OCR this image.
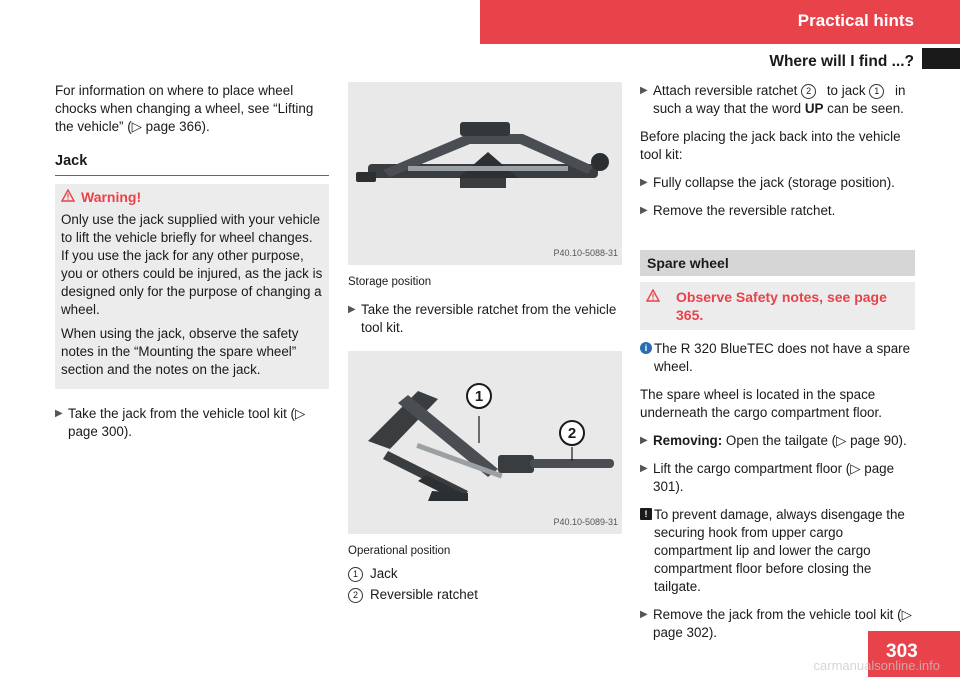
Practical hints
Where will I find ...?

For information on where to place wheel chocks when changing a wheel, see “Lifting the vehicle” (▷ page 366).

Jack
Warning!

Only use the jack supplied with your vehicle to lift the vehicle briefly for wheel changes. If you use the jack for any other purpose, you or others could be injured, as the jack is designed only for the purpose of changing a wheel.

When using the jack, observe the safety notes in the “Mounting the spare wheel” section and the notes on the jack.

▶ Take the jack from the vehicle tool kit (▷ page 300).
P40.10-5088-31
Storage position
▶ Take the reversible ratchet from the vehicle tool kit.
1
2
P40.10-5089-31
Operational position
1 Jack
2 Reversible ratchet
▶ Attach reversible ratchet 2 to jack 1 in such a way that the word UP can be seen.

Before placing the jack back into the vehicle tool kit:

▶ Fully collapse the jack (storage position).
▶ Remove the reversible ratchet.
Spare wheel
Observe Safety notes, see page 365.
i The R 320 BlueTEC does not have a spare wheel.

The spare wheel is located in the space underneath the cargo compartment floor.

▶ Removing: Open the tailgate (▷ page 90).
▶ Lift the cargo compartment floor (▷ page 301).
! To prevent damage, always disengage the securing hook from upper cargo compartment lip and lower the cargo compartment floor before closing the tailgate.
▶ Remove the jack from the vehicle tool kit (▷ page 302).
303
carmanualsonline.info
